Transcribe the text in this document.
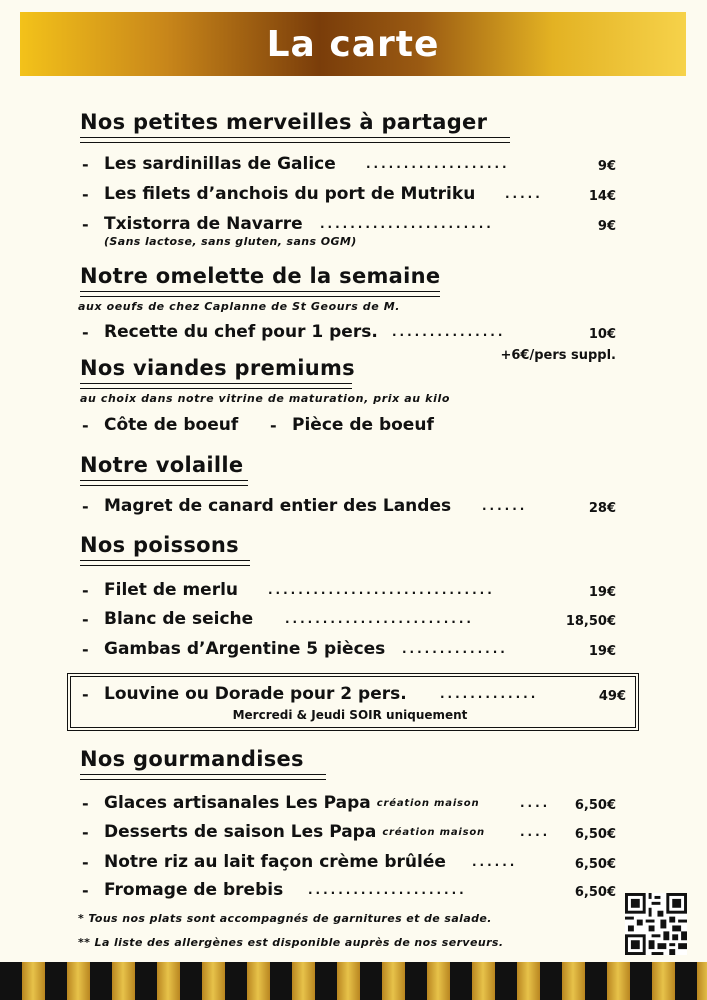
La carte
Nos petites merveilles à partager
- Les sardinillas de Galice	...................	9€
- Les filets d’anchois du port de Mutriku .....	14€
- Txistorra de Navarre .......................	9€
(Sans lactose, sans gluten, sans OGM)
Notre omelette de la semaine
aux oeufs de chez Caplanne de St Geours de M.
- Recette du chef pour 1 pers. ...............	10€
+6€/pers suppl.
Nos viandes premiums
au choix dans notre vitrine de maturation, prix au kilo
- Côte de boeuf - Pièce de boeuf
Notre volaille
- Magret de canard entier des Landes	......	28€
Nos poissons
- Filet de merlu ..............................	19€
- Blanc de seiche	.........................	18,50€
- Gambas d’Argentine 5 pièces ..............	19€
- Louvine ou Dorade pour 2 pers.	.............	49€
Mercredi & Jeudi SOIR uniquement
Nos gourmandises
- Glaces artisanales Les Papa création maison	....	6,50€
- Desserts de saison Les Papa création maison	....	6,50€
- Notre riz au lait façon crème brûlée ......	6,50€
- Fromage de brebis .....................	6,50€
* Tous nos plats sont accompagnés de garnitures et de salade.
** La liste des allergènes est disponible auprès de nos serveurs.
